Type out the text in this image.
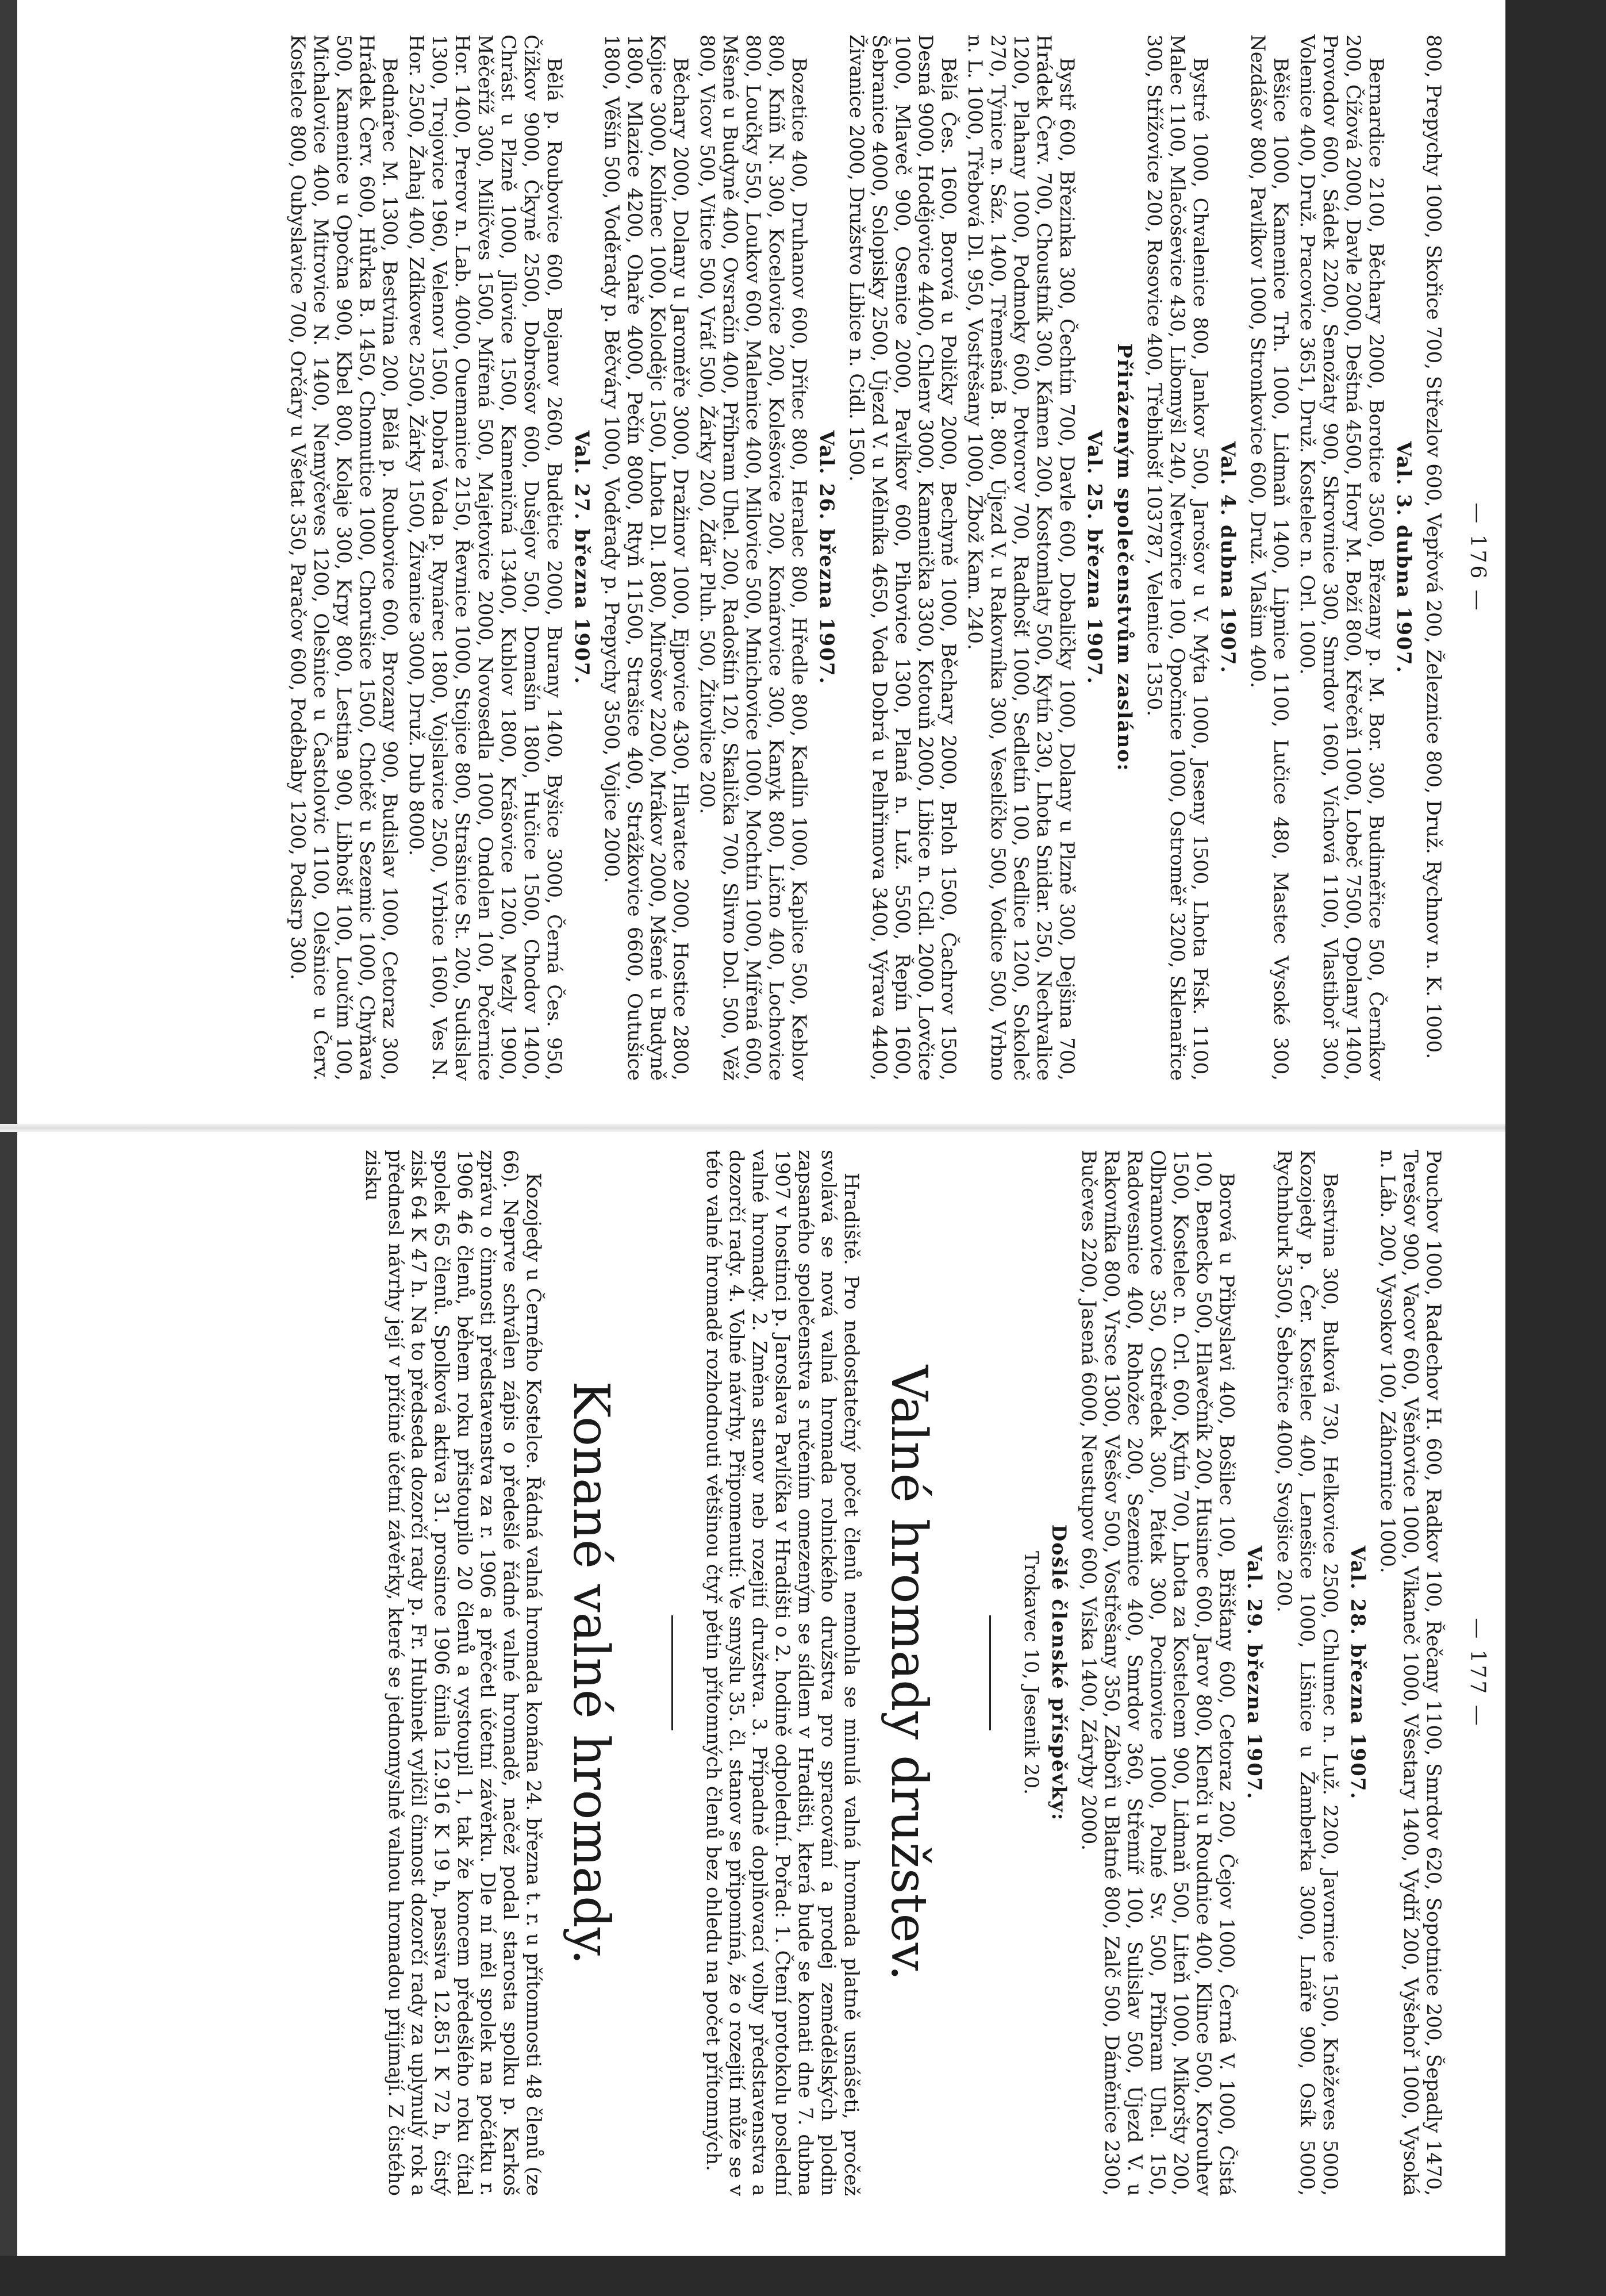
— 176 —

800, Prepychy 1000, Skořice 700, Střezlov 600, Vepřová 200, Železnice 800, Druž. Rychnov n. K. 1000.

Val. 3. dubna 1907.

Bernardice 2100, Běchary 2000, Borotice 3500, Březany p. M. Bor. 300, Budiměřice 500, Černíkov 200, Čížová 2000, Davle 2000, Deštná 4500, Hory M. Boží 800, Křečeň 1000, Lobeč 7500, Opolany 1400, Provodov 600, Sádek 2200, Senožaty 900, Skrovnice 300, Smrdov 1600, Víchová 1100, Vlastiboř 300, Volenice 400, Druž. Pracovice 3651, Druž. Kostelec n. Orl. 1000.

Běšice 1000, Kamenice Trh. 1000, Lidmaň 1400, Lipnice 1100, Lučice 480, Mastec Vysoké 300, Nezdášov 800, Pavlíkov 1000, Stronkovice 600, Druž. Vlašim 400.

Val. 4. dubna 1907.

Bystré 1000, Chvalenice 800, Jankov 500, Jarošov u V. Mýta 1000, Jeseny 1500, Lhota Písk. 1100, Malec 1100, Mlačoševice 430, Libomyšl 240, Netvořice 100, Opočnice 1000, Ostroměř 3200, Sklenařice 300, Střížovice 200, Rosovice 400, Třebihošť 103787, Velenice 1350.

Přirázeným společenstvům zasláno:
Val. 25. března 1907.

Bystř 600, Březinka 300, Čechtín 700, Davle 600, Dobaličky 1000, Dolany u Plzně 300, Dejšina 700, Hrádek Červ. 700, Choustník 300, Kámen 200, Kostomlaty 500, Kytín 230, Lhota Snidar. 250, Nechvalice 1200, Plahany 1000, Podmoky 600, Potvorov 700, Radhošť 1000, Sedletín 100, Sedlice 1200, Sokoleč 270, Týnice n. Sáz. 1400, Třemešná B. 800, Újezd V. u Rakovníka 300, Veselíčko 500, Vodice 500, Vrbno n. L. 1000, Třebová Dl. 950, Vostřešany 1000, Žbož Kam. 240.

Bělá Čes. 1600, Borová u Poličky 2000, Bechyně 1000, Běchary 2000, Brloh 1500, Čachrov 1500, Desná 9000, Hodějovice 4400, Chlenv 3000, Kamenička 3300, Kotouň 2000, Libice n. Cidl. 2000, Lovčice 1000, Mlaveč 900, Osenice 2000, Pavlíkov 600, Pihovice 1300, Planá n. Luž. 5500, Řepín 1600, Šebranice 4000, Solopisky 2500, Újezd V. u Mělníka 4650, Voda Dobrá u Pelhřimova 3400, Výrava 4400, Živanice 2000, Družstvo Libice n. Cidl. 1500.

Val. 26. března 1907.

Bozetice 400, Druhanov 600, Dřítec 800, Heralec 800, Hředle 800, Kadlín 1000, Kaplice 500, Keblov 800, Kníň N. 300, Kocelovice 200, Kolešovice 200, Konárovice 300, Kanyk 800, Lično 400, Lochovice 800, Loučky 550, Loukov 600, Malenice 400, Milovice 500, Mnichovice 1000, Mochtín 1000, Mířená 600, Mšené u Budyně 400, Ovsračín 400, Příbram Uhel. 200, Radoštín 120, Skalička 700, Slivno Dol. 500, Věž 800, Vicov 500, Vitice 500, Vráť 500, Žárky 200, Žďár Pluh. 500, Žitovlice 200.

Běchary 2000, Dolany u Jaroměře 3000, Dražinov 1000, Ejpovice 4300, Hlavatce 2000, Hostice 2800, Kojice 3000, Kolínec 1000, Kolodějc 1500, Lhota Dl. 1800, Mirošov 2200, Mrákov 2000, Mšené u Budyně 1800, Mlazice 4200, Ohaře 4000, Pečín 8000, Rtyň 11500, Strašice 400, Strážkovice 6600, Outušice 1800, Věšín 500, Voděrady p. Běčváry 1000, Voděrady p. Prepychy 3500, Vojice 2000.

Val. 27. března 1907.

Bělá p. Roubovice 600, Bojanov 2600, Budětice 2000, Burany 1400, Byšice 3000, Černá Čes. 950, Čížkov 9000, Čkyně 2500, Dobrošov 600, Dušejov 500, Domašín 1800, Hučice 1500, Chodov 1400, Chrást u Plzně 1000, Jílovice 1500, Kameničná 13400, Kublov 1800, Krášovice 1200, Mezly 1900, Měčeříž 300, Milíčves 1500, Mířená 500, Majetovice 2000, Novosedla 1000, Ondolen 100, Počernice Hor. 1400, Prerov n. Lab. 4000, Ouemanice 2150, Řevnice 1000, Stojice 800, Strašnice St. 200, Sudislav 1300, Trojovice 1960, Velenov 1500, Dobrá Voda p. Rynárec 1800, Vojslavice 2500, Vrbice 1600, Ves N. Hor. 2500, Žahaj 400, Zdíkovec 2500, Žárky 1500, Živanice 3000, Druž. Dub 8000.

Bednárec M. 1300, Bestvina 200, Bělá p. Roubovice 600, Brozany 900, Budislav 1000, Cetoraz 300, Hrádek Červ. 600, Hůrka B. 1450, Chomutice 1000, Chorušice 1500, Chotěč u Sezemic 1000, Chyňava 500, Kamenice u Opočna 900, Kbel 800, Kolaje 300, Krpy 800, Lestina 900, Libhošť 100, Loučím 100, Michalovice 400, Mitrovice N. 1400, Nemyčeves 1200, Olešnice u Častolovic 1100, Olešnice u Červ. Kostelce 800, Oubyslavice 700, Orčáry u Všetat 350, Paračov 600, Podébaby 1200, Podsrp 300.

— 177 —

Pouchov 1000, Radechov H. 600, Radkov 100, Řečany 1100, Smrdov 620, Sopotnice 200, Šepadly 1470, Terešov 900, Vacov 600, Všeňovice 1000, Vikaneč 1000, Všestary 1400, Vydří 200, Vyšehoř 1000, Vysoká n. Láb. 200, Vysokov 100, Záhornice 1000.

Val. 28. března 1907.

Bestvina 300, Buková 730, Helkovice 2500, Chlumec n. Luž. 2200, Javornice 1500, Kněževes 5000, Kozojedy p. Čer. Kostelec 400, Lenešice 1000, Lišnice u Žamberka 3000, Lnáře 900, Osík 5000, Rychnburk 3500, Šebořice 4000, Svojšice 200.

Val. 29. března 1907.

Borová u Přibyslavi 400, Bošilec 100, Břišťany 600, Cetoraz 200, Čejov 1000, Černá V. 1000, Čistá 100, Benecko 500, Hlavečník 200, Husinec 600, Jarov 800, Klenči u Roudnice 400, Klince 500, Korouhev 1500, Kostelec n. Orl. 600, Kytín 700, Lhota za Kostelcem 900, Lidmaň 500, Liteň 1000, Mikoršty 200, Olbramovice 350, Ostředek 300, Pátek 300, Pocinovice 1000, Polné Sv. 500, Příbram Uhel. 150, Radovesnice 400, Rohožec 200, Sezemice 400, Smrdov 360, Střemíř 100, Sulislav 500, Újezd V. u Rakovníka 800, Vrsce 1300, Všešov 500, Vostřešany 350, Zábořì u Blatné 800, Zalč 500, Dáměnice 2300, Bučeves 2200, Jasená 6000, Neustupov 600, Víska 1400, Záryby 2000.

Došlé členské příspěvky:
Trokavec 10, Jesenik 20.
Valné hromady družstev.

Hradiště. Pro nedostatečný počet členů nemohla se minulá valná hromada platně usnášeti, pročež svolává se nová valná hromada rolnického družstva pro spracování a prodej zemědělských plodin zapsaného společenstva s ručením omezeným se sídlem v Hradišti, která bude se konati dne 7. dubna 1907 v hostinci p. Jaroslava Pavlíčka v Hradišti o 2. hodině odpolední. Pořad: 1. Čtení protokolu poslední valné hromady. 2. Změna stanov neb rozejití družstva. 3. Případně doplňovací volby představenstva a dozorčí rady. 4. Volné návrhy. Připomenutí: Ve smyslu 35. čl. stanov se připomíná, že o rozejití může se v této valné hromadě rozhodnouti většinou čtyř pětin přítomných členů bez ohledu na počet přítomných.

Konané valné hromady.

Kozojedy u Černého Kostelce. Řádná valná hromada konána 24. března t. r. u přítomnosti 48 členů (ze 66). Neprve schválen zápis o předešlé řádné valné hromadě, načež podal starosta spolku p. Karkoš zprávu o činnosti představenstva za r. 1906 a přečetl účetní závěrku. Dle ní měl spolek na počátku r. 1906 46 členů, během roku přistoupilo 20 členů a vystoupil 1, tak že koncem předešlého roku čítal spolek 65 členů. Spolková aktiva 31. prosince 1906 činila 12.916 K 19 h, passiva 12.851 K 72 h, čistý zisk 64 K 47 h. Na to předseda dozorčí rady p. Fr. Hubinek vylíčil činnost dozorčí rady za uplynulý rok a přednesl návrhy její v příčině účetní závěrky, které se jednomyslně valnou hromadou přijímají. Z čistého zisku
